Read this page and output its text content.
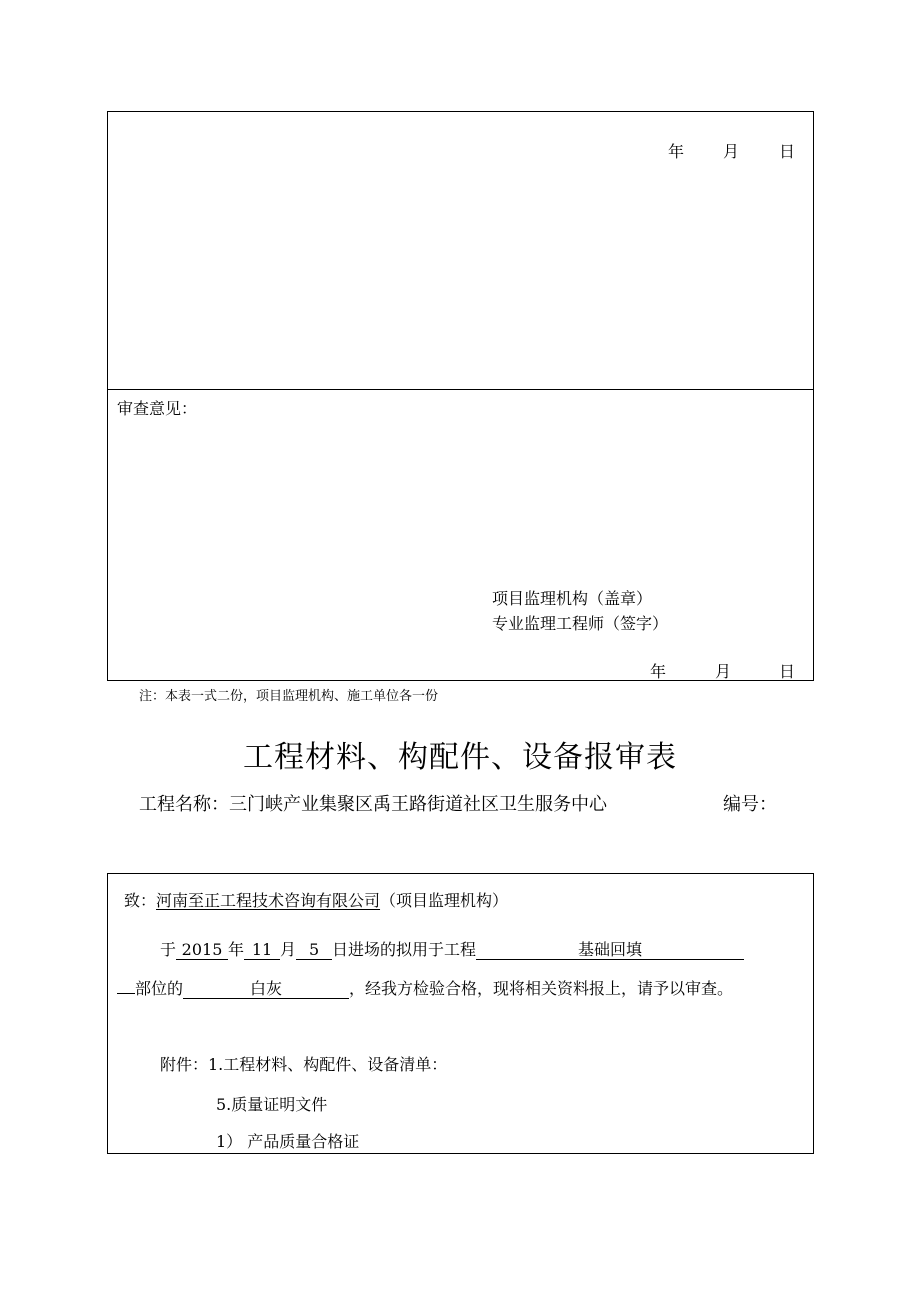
年 月 日
审查意见：
项目监理机构（盖章）
专业监理工程师（签字）
年	月	日
注：本表一式二份，项目监理机构、施工单位各一份
工程材料、构配件、设备报审表
工程名称：三门峡产业集聚区禹王路街道社区卫生服务中心	编号：
致：河南至正工程技术咨询有限公司（项目监理机构）
于 2015 年 11 月 5 日进场的拟用于工程	基础回填
部位的	白灰	，经我方检验合格，现将相关资料报上，请予以审查。
附件：1.工程材料、构配件、设备清单：
5.质量证明文件
1） 产品质量合格证
